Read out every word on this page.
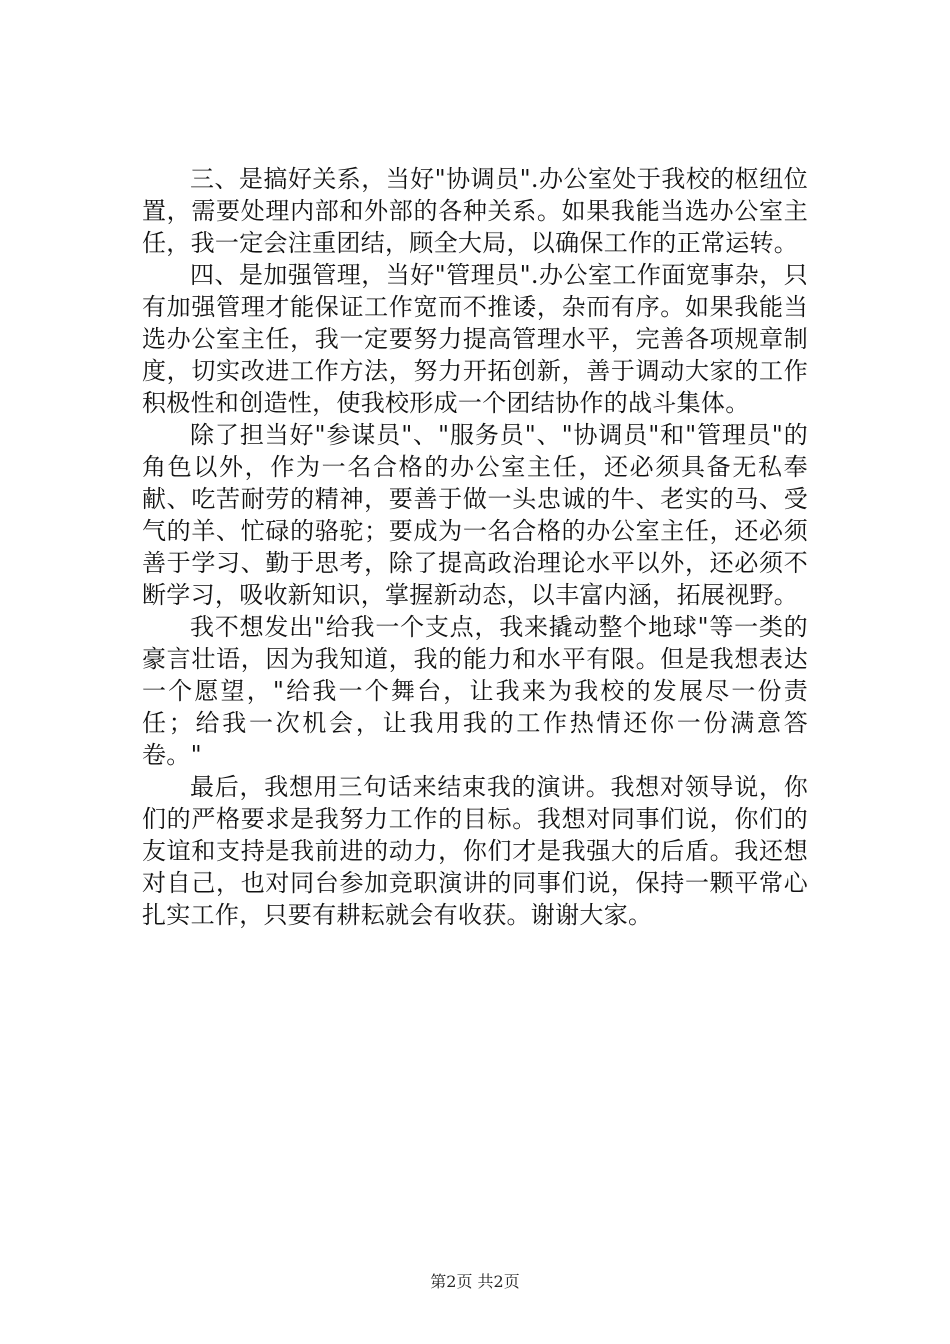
三、是搞好关系，当好"协调员".办公室处于我校的枢纽位置，需要处理内部和外部的各种关系。如果我能当选办公室主任，我一定会注重团结，顾全大局，以确保工作的正常运转。

四、是加强管理，当好"管理员".办公室工作面宽事杂，只有加强管理才能保证工作宽而不推诿，杂而有序。如果我能当选办公室主任，我一定要努力提高管理水平，完善各项规章制度，切实改进工作方法，努力开拓创新，善于调动大家的工作积极性和创造性，使我校形成一个团结协作的战斗集体。

除了担当好"参谋员"、"服务员"、"协调员"和"管理员"的角色以外，作为一名合格的办公室主任，还必须具备无私奉献、吃苦耐劳的精神，要善于做一头忠诚的牛、老实的马、受气的羊、忙碌的骆驼；要成为一名合格的办公室主任，还必须善于学习、勤于思考，除了提高政治理论水平以外，还必须不断学习，吸收新知识，掌握新动态，以丰富内涵，拓展视野。

我不想发出"给我一个支点，我来撬动整个地球"等一类的豪言壮语，因为我知道，我的能力和水平有限。但是我想表达一个愿望，"给我一个舞台，让我来为我校的发展尽一份责任；给我一次机会，让我用我的工作热情还你一份满意答卷。"

最后，我想用三句话来结束我的演讲。我想对领导说，你们的严格要求是我努力工作的目标。我想对同事们说，你们的友谊和支持是我前进的动力，你们才是我强大的后盾。我还想对自己，也对同台参加竞职演讲的同事们说，保持一颗平常心扎实工作，只要有耕耘就会有收获。谢谢大家。

第2页 共2页
